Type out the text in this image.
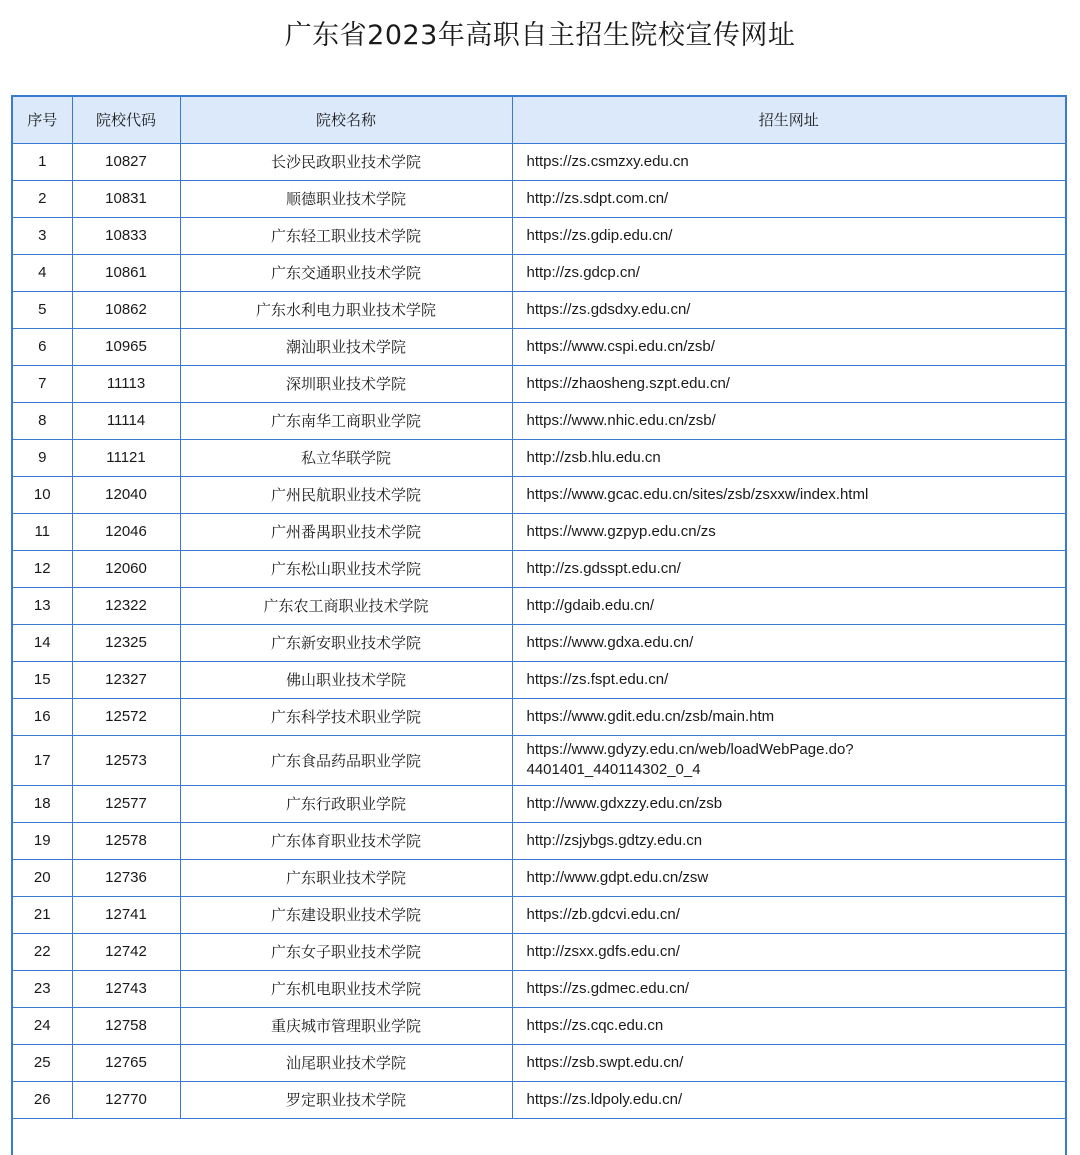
广东省2023年高职自主招生院校宣传网址
序号	院校代码	院校名称	招生网址
1	10827	长沙民政职业技术学院	https://zs.csmzxy.edu.cn
2	10831	顺德职业技术学院	http://zs.sdpt.com.cn/
3	10833	广东轻工职业技术学院	https://zs.gdip.edu.cn/
4	10861	广东交通职业技术学院	http://zs.gdcp.cn/
5	10862	广东水利电力职业技术学院	https://zs.gdsdxy.edu.cn/
6	10965	潮汕职业技术学院	https://www.cspi.edu.cn/zsb/
7	11113	深圳职业技术学院	https://zhaosheng.szpt.edu.cn/
8	11114	广东南华工商职业学院	https://www.nhic.edu.cn/zsb/
9	11121	私立华联学院	http://zsb.hlu.edu.cn
10	12040	广州民航职业技术学院	https://www.gcac.edu.cn/sites/zsb/zsxxw/index.html
11	12046	广州番禺职业技术学院	https://www.gzpyp.edu.cn/zs
12	12060	广东松山职业技术学院	http://zs.gdsspt.edu.cn/
13	12322	广东农工商职业技术学院	http://gdaib.edu.cn/
14	12325	广东新安职业技术学院	https://www.gdxa.edu.cn/
15	12327	佛山职业技术学院	https://zs.fspt.edu.cn/
16	12572	广东科学技术职业学院	https://www.gdit.edu.cn/zsb/main.htm
17	12573	广东食品药品职业学院	https://www.gdyzy.edu.cn/web/loadWebPage.do?
4401401_440114302_0_4
18	12577	广东行政职业学院	http://www.gdxzzy.edu.cn/zsb
19	12578	广东体育职业技术学院	http://zsjybgs.gdtzy.edu.cn
20	12736	广东职业技术学院	http://www.gdpt.edu.cn/zsw
21	12741	广东建设职业技术学院	https://zb.gdcvi.edu.cn/
22	12742	广东女子职业技术学院	http://zsxx.gdfs.edu.cn/
23	12743	广东机电职业技术学院	https://zs.gdmec.edu.cn/
24	12758	重庆城市管理职业学院	https://zs.cqc.edu.cn
25	12765	汕尾职业技术学院	https://zsb.swpt.edu.cn/
26	12770	罗定职业技术学院	https://zs.ldpoly.edu.cn/
